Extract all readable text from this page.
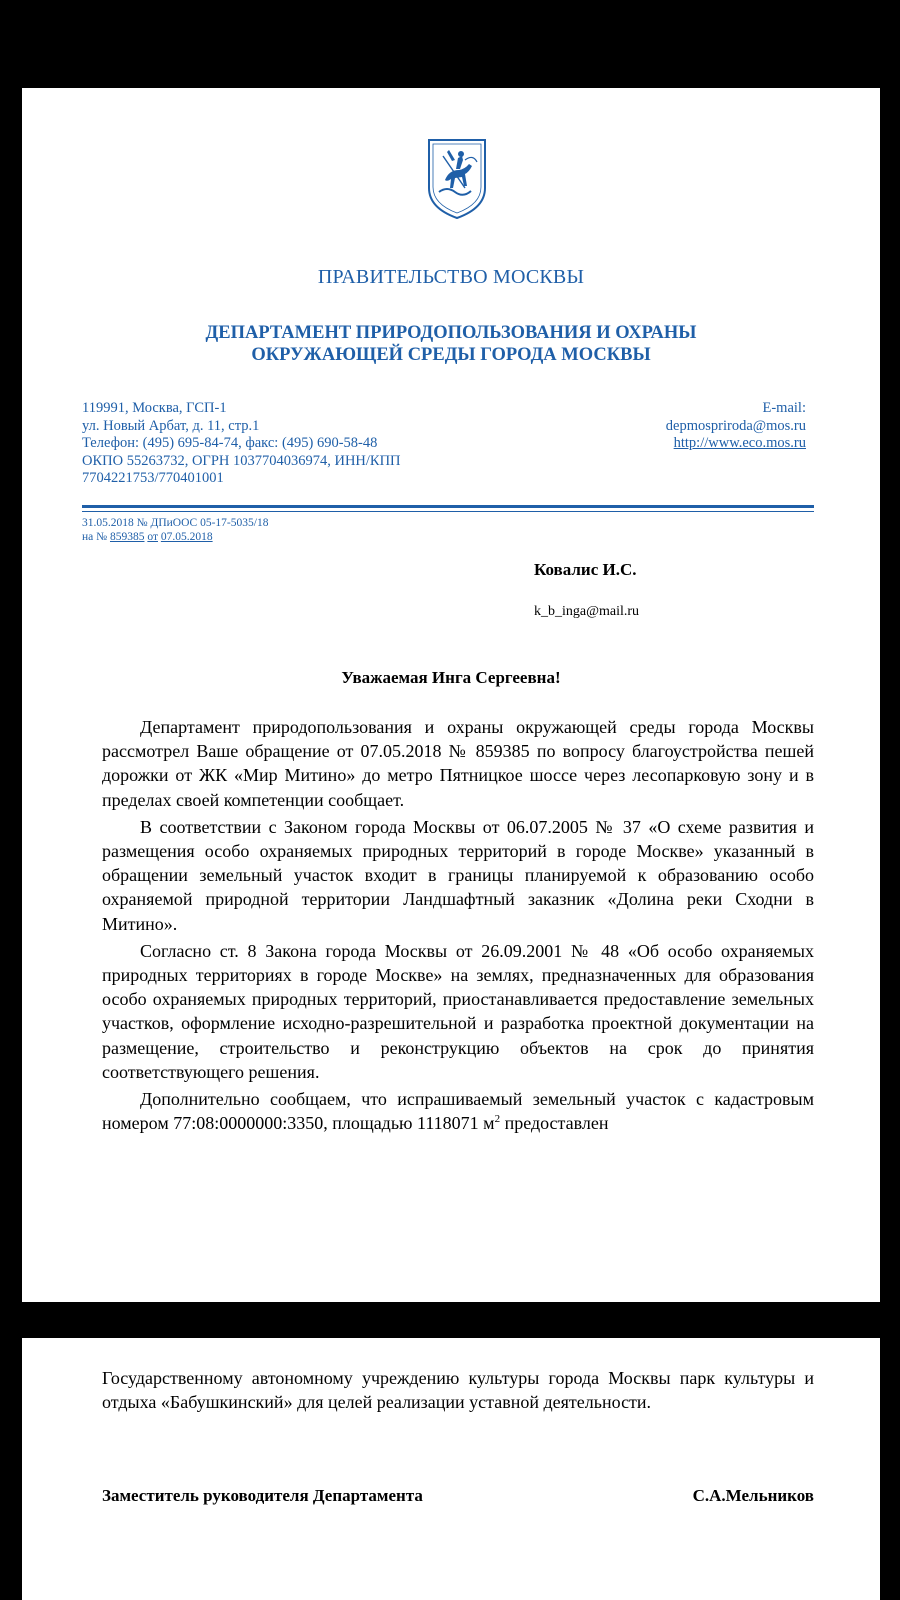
ПРАВИТЕЛЬСТВО МОСКВЫ
ДЕПАРТАМЕНТ ПРИРОДОПОЛЬЗОВАНИЯ И ОХРАНЫ
ОКРУЖАЮЩЕЙ СРЕДЫ ГОРОДА МОСКВЫ
119991, Москва, ГСП-1
ул. Новый Арбат, д. 11, стр.1
Телефон: (495) 695-84-74, факс: (495) 690-58-48
ОКПО 55263732, ОГРН 1037704036974, ИНН/КПП
7704221753/770401001
E-mail:
depmospriroda@mos.ru
http://www.eco.mos.ru
31.05.2018 № ДПиООС 05-17-5035/18
на № 859385 от 07.05.2018
Ковалис И.С.
k_b_inga@mail.ru
Уважаемая Инга Сергеевна!

Департамент природопользования и охраны окружающей среды города Москвы рассмотрел Ваше обращение от 07.05.2018 № 859385 по вопросу благоустройства пешей дорожки от ЖК «Мир Митино» до метро Пятницкое шоссе через лесопарковую зону и в пределах своей компетенции сообщает.

В соответствии с Законом города Москвы от 06.07.2005 № 37 «О схеме развития и размещения особо охраняемых природных территорий в городе Москве» указанный в обращении земельный участок входит в границы планируемой к образованию особо охраняемой природной территории Ландшафтный заказник «Долина реки Сходни в Митино».

Согласно ст. 8 Закона города Москвы от 26.09.2001 № 48 «Об особо охраняемых природных территориях в городе Москве» на землях, предназначенных для образования особо охраняемых природных территорий, приостанавливается предоставление земельных участков, оформление исходно-разрешительной и разработка проектной документации на размещение, строительство и реконструкцию объектов на срок до принятия соответствующего решения.

Дополнительно сообщаем, что испрашиваемый земельный участок с кадастровым номером 77:08:0000000:3350, площадью 1118071 $м^2$ предоставлен

Государственному автономному учреждению культуры города Москвы парк культуры и отдыха «Бабушкинский» для целей реализации уставной деятельности.

Заместитель руководителя Департамента	С.А.Мельников
